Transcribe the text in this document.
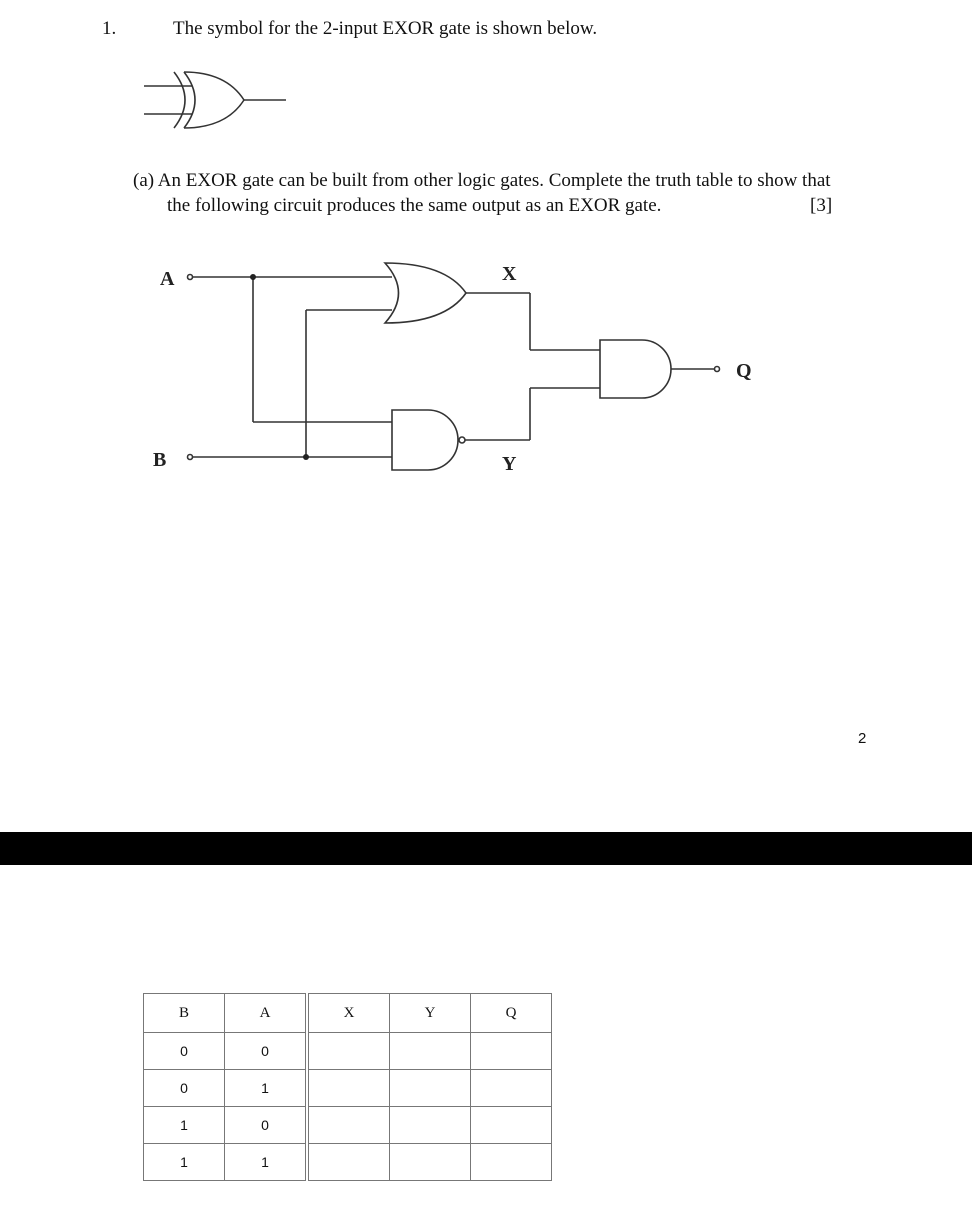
1.	The symbol for the 2-input EXOR gate is shown below.
(a) An EXOR gate can be built from other logic gates. Complete the truth table to show that
the following circuit produces the same output as an EXOR gate.	[3]
A
B
X
Y
Q
2
B	A	X	Y	Q
0	0			
0	1			
1	0			
1	1			
